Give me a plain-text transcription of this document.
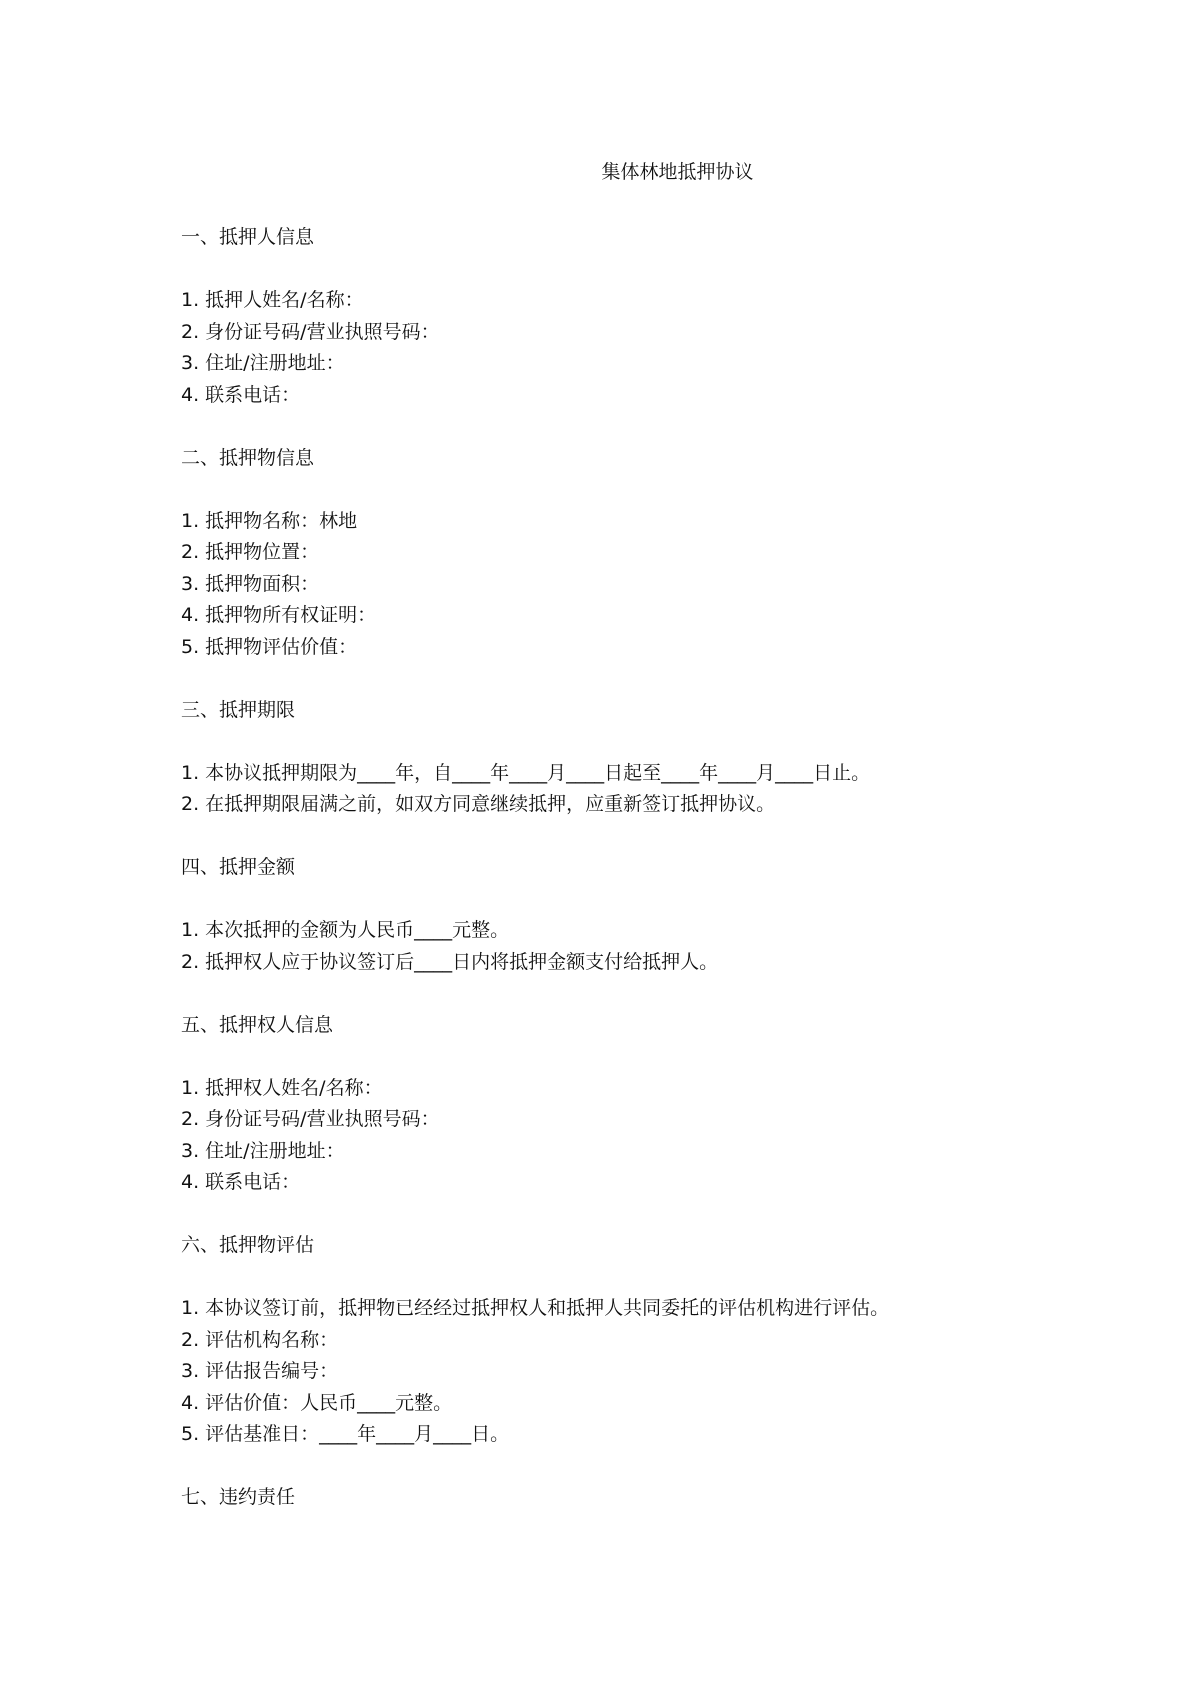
集体林地抵押协议
一、抵押人信息
1. 抵押人姓名/名称：
2. 身份证号码/营业执照号码：
3. 住址/注册地址：
4. 联系电话：
二、抵押物信息
1. 抵押物名称：林地
2. 抵押物位置：
3. 抵押物面积：
4. 抵押物所有权证明：
5. 抵押物评估价值：
三、抵押期限
1. 本协议抵押期限为____年，自____年____月____日起至____年____月____日止。
2. 在抵押期限届满之前，如双方同意继续抵押，应重新签订抵押协议。
四、抵押金额
1. 本次抵押的金额为人民币____元整。
2. 抵押权人应于协议签订后____日内将抵押金额支付给抵押人。
五、抵押权人信息
1. 抵押权人姓名/名称：
2. 身份证号码/营业执照号码：
3. 住址/注册地址：
4. 联系电话：
六、抵押物评估
1. 本协议签订前，抵押物已经经过抵押权人和抵押人共同委托的评估机构进行评估。
2. 评估机构名称：
3. 评估报告编号：
4. 评估价值：人民币____元整。
5. 评估基准日：____年____月____日。
七、违约责任
